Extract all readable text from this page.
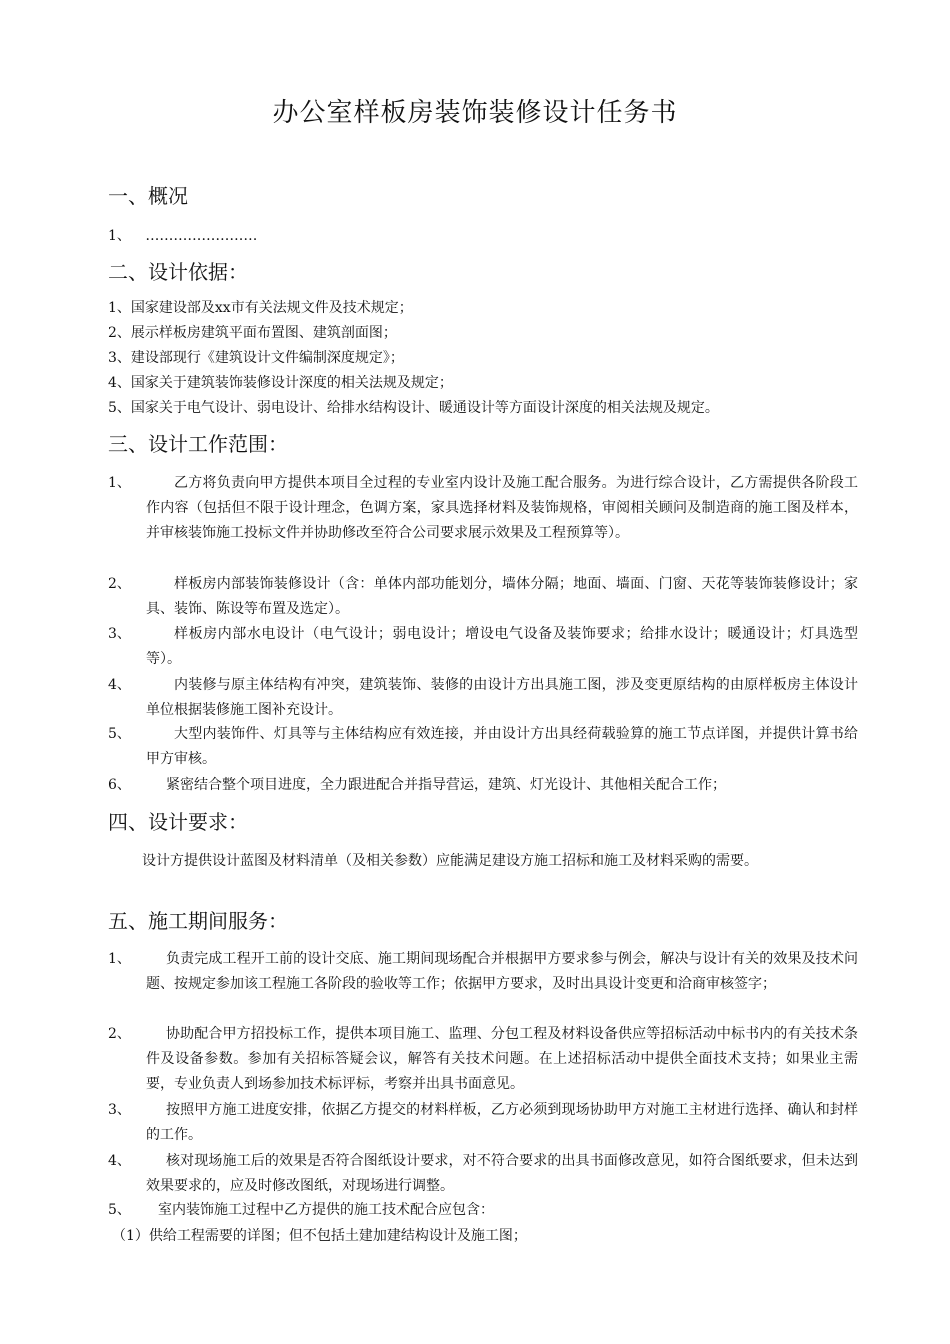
办公室样板房装饰装修设计任务书
一、概况
1、 ……………………
二、设计依据：
1、国家建设部及xx市有关法规文件及技术规定；
2、展示样板房建筑平面布置图、建筑剖面图；
3、建设部现行《建筑设计文件编制深度规定》；
4、国家关于建筑装饰装修设计深度的相关法规及规定；
5、国家关于电气设计、弱电设计、给排水结构设计、暖通设计等方面设计深度的相关法规及规定。
三、设计工作范围：
1、	乙方将负责向甲方提供本项目全过程的专业室内设计及施工配合服务。为进行综合设计，乙方需提供各阶段工作内容（包括但不限于设计理念，色调方案，家具选择材料及装饰规格，审阅相关顾问及制造商的施工图及样本，并审核装饰施工投标文件并协助修改至符合公司要求展示效果及工程预算等）。
2、	样板房内部装饰装修设计（含：单体内部功能划分，墙体分隔；地面、墙面、门窗、天花等装饰装修设计；家具、装饰、陈设等布置及选定）。
3、	样板房内部水电设计（电气设计；弱电设计；增设电气设备及装饰要求；给排水设计；暖通设计；灯具选型等）。
4、	内装修与原主体结构有冲突，建筑装饰、装修的由设计方出具施工图，涉及变更原结构的由原样板房主体设计单位根据装修施工图补充设计。
5、	大型内装饰件、灯具等与主体结构应有效连接，并由设计方出具经荷载验算的施工节点详图，并提供计算书给甲方审核。
6、	紧密结合整个项目进度，全力跟进配合并指导营运，建筑、灯光设计、其他相关配合工作；
四、设计要求：
设计方提供设计蓝图及材料清单（及相关参数）应能满足建设方施工招标和施工及材料采购的需要。
五、施工期间服务：
1、	负责完成工程开工前的设计交底、施工期间现场配合并根据甲方要求参与例会，解决与设计有关的效果及技术问题、按规定参加该工程施工各阶段的验收等工作；依据甲方要求，及时出具设计变更和洽商审核签字；
2、	协助配合甲方招投标工作，提供本项目施工、监理、分包工程及材料设备供应等招标活动中标书内的有关技术条件及设备参数。参加有关招标答疑会议，解答有关技术问题。在上述招标活动中提供全面技术支持；如果业主需要，专业负责人到场参加技术标评标，考察并出具书面意见。
3、	按照甲方施工进度安排，依据乙方提交的材料样板，乙方必须到现场协助甲方对施工主材进行选择、确认和封样的工作。
4、	核对现场施工后的效果是否符合图纸设计要求，对不符合要求的出具书面修改意见，如符合图纸要求，但未达到效果要求的，应及时修改图纸，对现场进行调整。
5、	室内装饰施工过程中乙方提供的施工技术配合应包含：
（1）供给工程需要的详图；但不包括土建加建结构设计及施工图；
